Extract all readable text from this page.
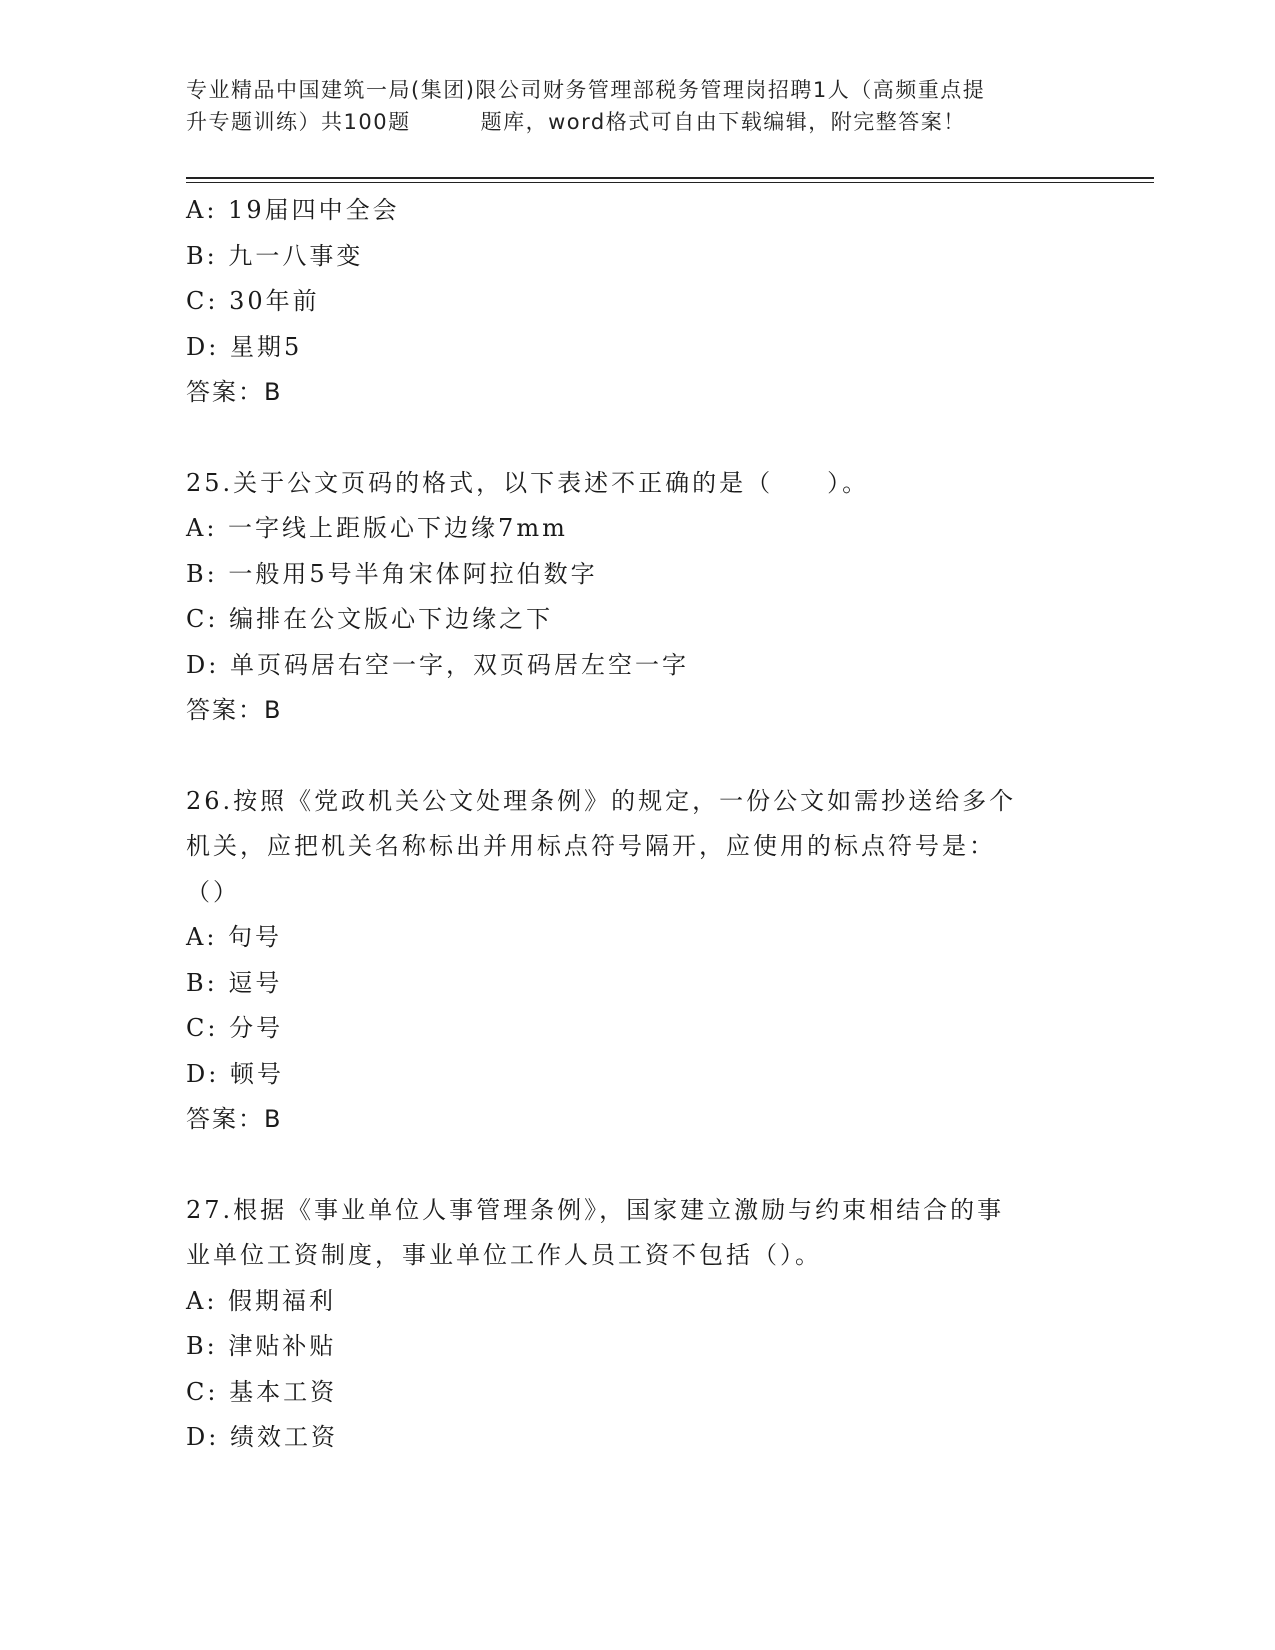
专业精品中国建筑一局(集团)限公司财务管理部税务管理岗招聘1人（高频重点提
升专题训练）共100题	题库，word格式可自由下载编辑，附完整答案！
A: 19届四中全会
B: 九一八事变
C: 30年前
D: 星期5
答案：B
25.关于公文页码的格式，以下表述不正确的是（　　）。
A: 一字线上距版心下边缘7mm
B: 一般用5号半角宋体阿拉伯数字
C: 编排在公文版心下边缘之下
D: 单页码居右空一字，双页码居左空一字
答案：B
26.按照《党政机关公文处理条例》的规定，一份公文如需抄送给多个
机关，应把机关名称标出并用标点符号隔开，应使用的标点符号是：
（）
A: 句号
B: 逗号
C: 分号
D: 顿号
答案：B
27.根据《事业单位人事管理条例》，国家建立激励与约束相结合的事
业单位工资制度，事业单位工作人员工资不包括（）。
A: 假期福利
B: 津贴补贴
C: 基本工资
D: 绩效工资
